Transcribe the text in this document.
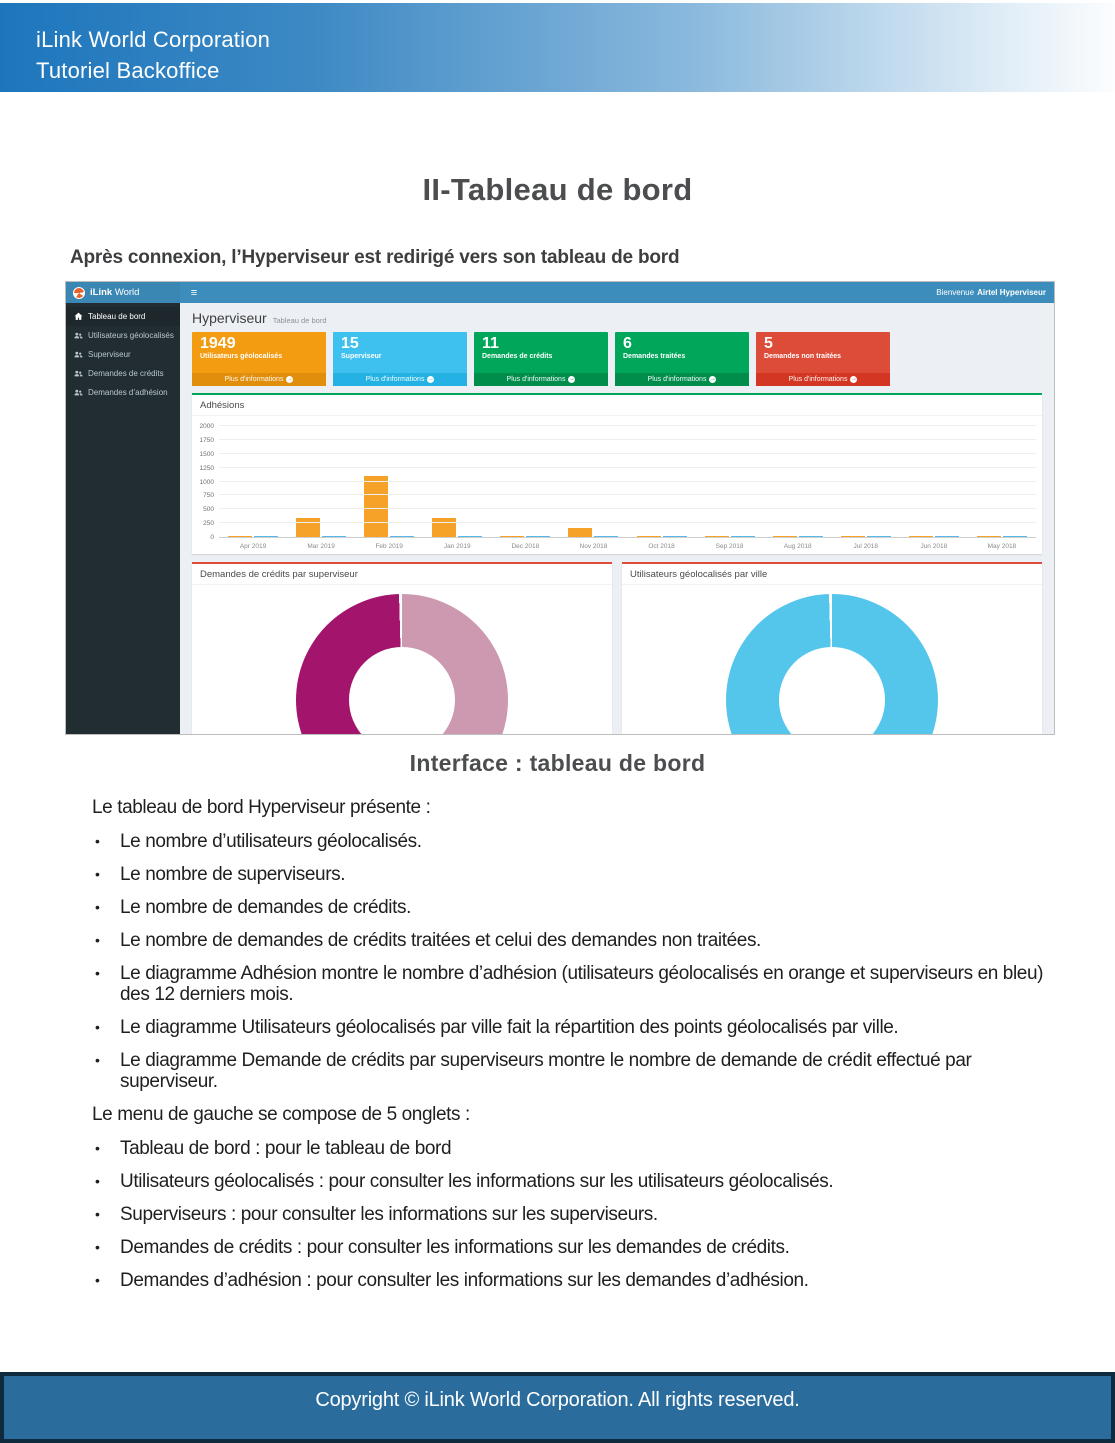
iLink World Corporation
Tutoriel Backoffice
II-Tableau de bord
Après connexion, l’Hyperviseur est redirigé vers son tableau de bord
iLink World ≡	Bienvenue Airtel Hyperviseur
Tableau de bord
Utilisateurs géolocalisés
Superviseur
Demandes de crédits
Demandes d’adhésion
Hyperviseur Tableau de bord
1949
Utilisateurs géolocalisés
Plus d'informations
→
15
Superviseur
Plus d'informations
→
11
Demandes de crédits
Plus d'informations
→
6
Demandes traitées
Plus d'informations
→
5
Demandes non traitées
Plus d'informations
→
Adhésions
0
250
500
750
1000
1250
1500
1750
2000
Apr 2019	Mar 2019	Feb 2019	Jan 2019	Dec 2018	Nov 2018	Oct 2018	Sep 2018	Aug 2018	Jul 2018	Jun 2018	May 2018
Demandes de crédits par superviseur	Utilisateurs géolocalisés par ville
Interface : tableau de bord

Le tableau de bord Hyperviseur présente :

• Le nombre d’utilisateurs géolocalisés.
• Le nombre de superviseurs.
• Le nombre de demandes de crédits.
• Le nombre de demandes de crédits traitées et celui des demandes non traitées.
• Le diagramme Adhésion montre le nombre d’adhésion (utilisateurs géolocalisés en orange et superviseurs en bleu) des 12 derniers mois.
• Le diagramme Utilisateurs géolocalisés par ville fait la répartition des points géolocalisés par ville.
• Le diagramme Demande de crédits par superviseurs montre le nombre de demande de crédit effectué par superviseur.

Le menu de gauche se compose de 5 onglets :

• Tableau de bord : pour le tableau de bord
• Utilisateurs géolocalisés : pour consulter les informations sur les utilisateurs géolocalisés.
• Superviseurs : pour consulter les informations sur les superviseurs.
• Demandes de crédits : pour consulter les informations sur les demandes de crédits.
• Demandes d’adhésion : pour consulter les informations sur les demandes d’adhésion.
Copyright © iLink World Corporation. All rights reserved.
